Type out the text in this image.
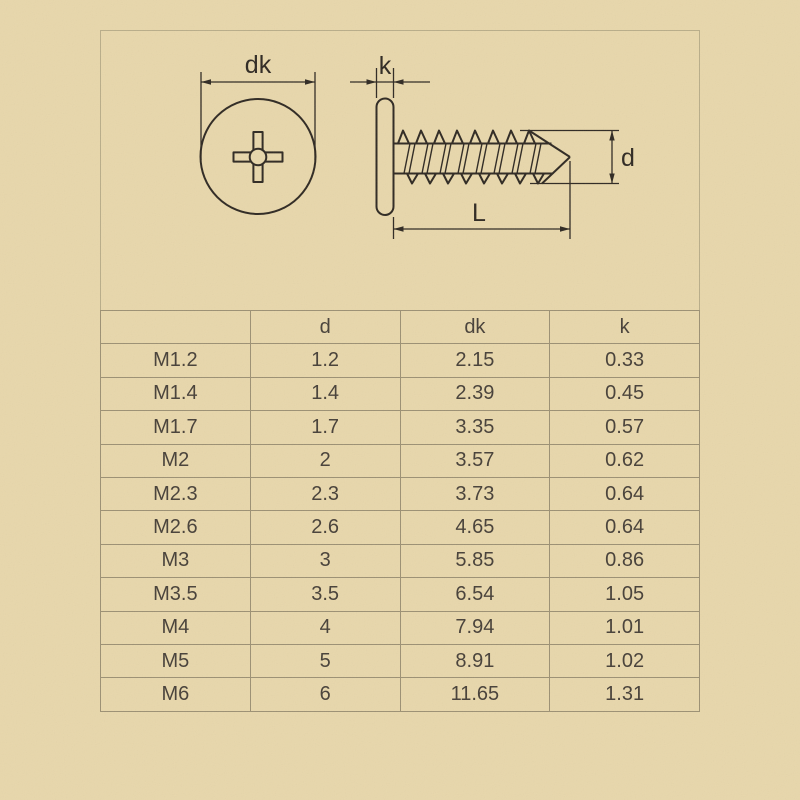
dk	k
d
L
	d	dk	k
M1.2	1.2	2.15	0.33
M1.4	1.4	2.39	0.45
M1.7	1.7	3.35	0.57
M2	2	3.57	0.62
M2.3	2.3	3.73	0.64
M2.6	2.6	4.65	0.64
M3	3	5.85	0.86
M3.5	3.5	6.54	1.05
M4	4	7.94	1.01
M5	5	8.91	1.02
M6	6	11.65	1.31
